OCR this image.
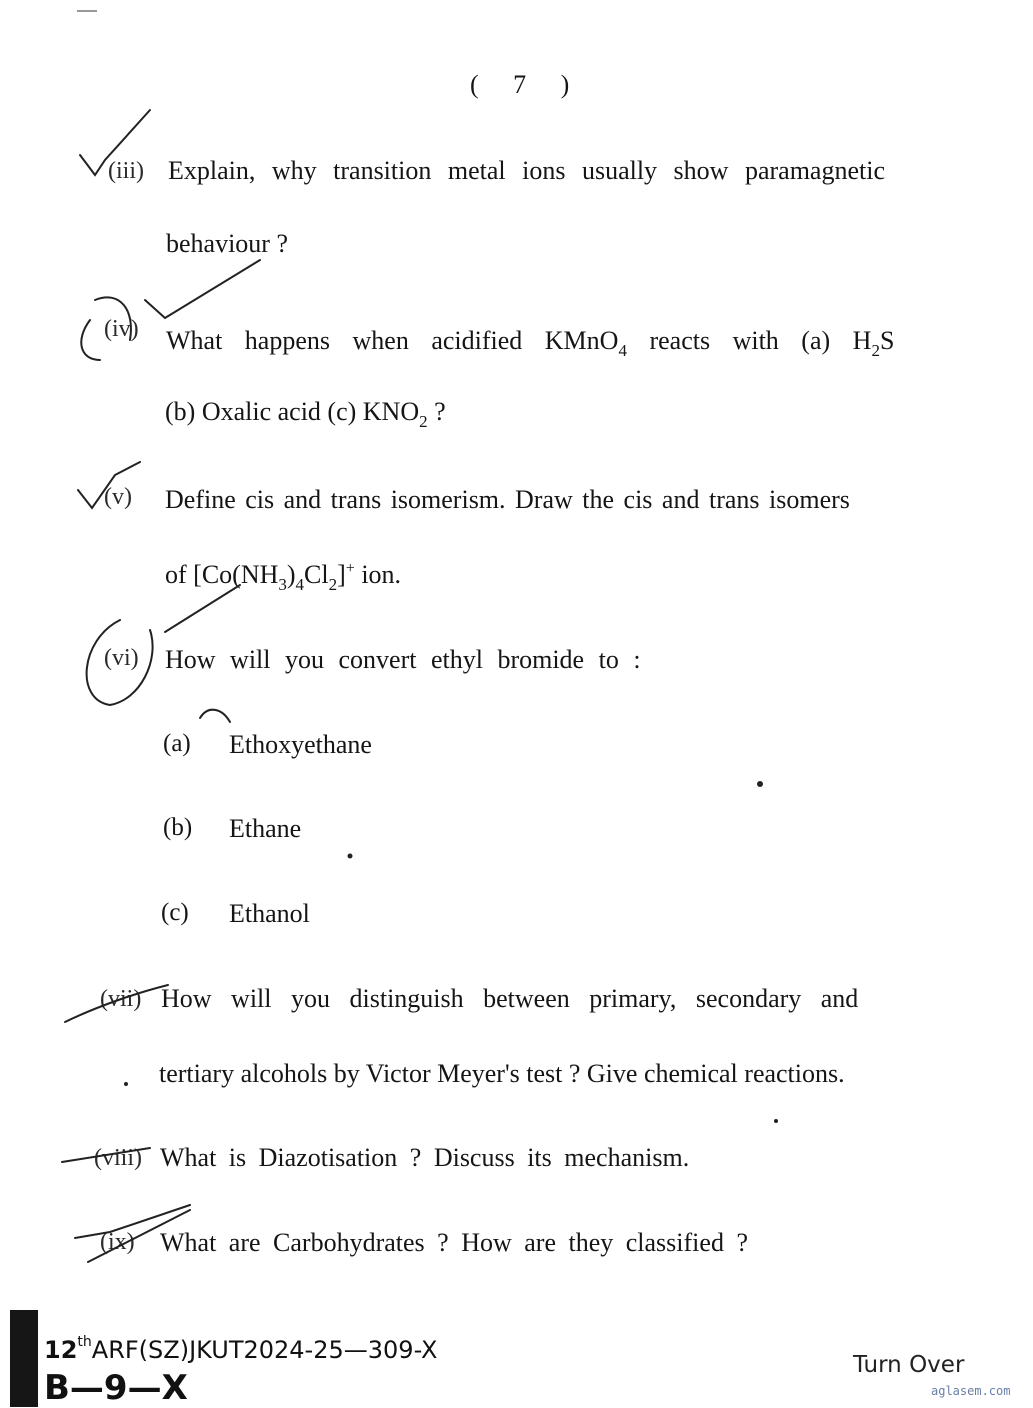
( 7 )
(iii) Explain, why transition metal ions usually show paramagnetic
behaviour ?
(iv) What happens when acidified KMnO$_4$ reacts with (a) $H_2S$
(b) Oxalic acid (c) $KNO_2$ ?
(v) Define cis and trans isomerism. Draw the cis and trans isomers
of $[Co(NH_3)_4Cl_2]^+$ ion.
(vi) How will you convert ethyl bromide to :
(a) Ethoxyethane
(b) Ethane
(c) Ethanol
(vii) How will you distinguish between primary, secondary and
tertiary alcohols by Victor Meyer's test ? Give chemical reactions.
(viii) What is Diazotisation ? Discuss its mechanism.
(ix) What are Carbohydrates ? How are they classified ?
12thARF(SZ)JKUT2024-25—309-X
B—9—X
Turn Over
aglasem.com
